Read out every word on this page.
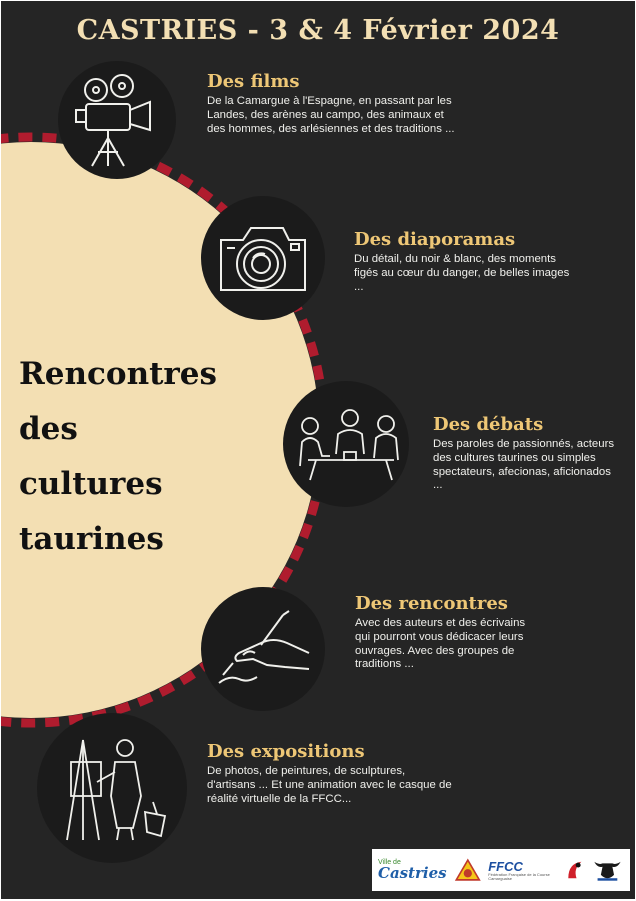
CASTRIES - 3 & 4 Février 2024
Rencontres
des
cultures
taurines
Des films

De la Camargue à l'Espagne, en passant par les Landes, des arènes au campo, des animaux et des hommes, des arlésiennes et des traditions ...

Des diaporamas

Du détail, du noir & blanc, des moments figés au cœur du danger, de belles images ...

Des débats

Des paroles de passionnés, acteurs des cultures taurines ou simples spectateurs, afecionas, aficionados ...

Des rencontres

Avec des auteurs et des écrivains qui pourront vous dédicacer leurs ouvrages. Avec des groupes de traditions ...

Des expositions

De photos, de peintures, de sculptures, d'artisans ... Et une animation avec le casque de réalité virtuelle de la FFCC...

Ville de
Castries	FFCC
Fédération Française de la Course Camarguaise
